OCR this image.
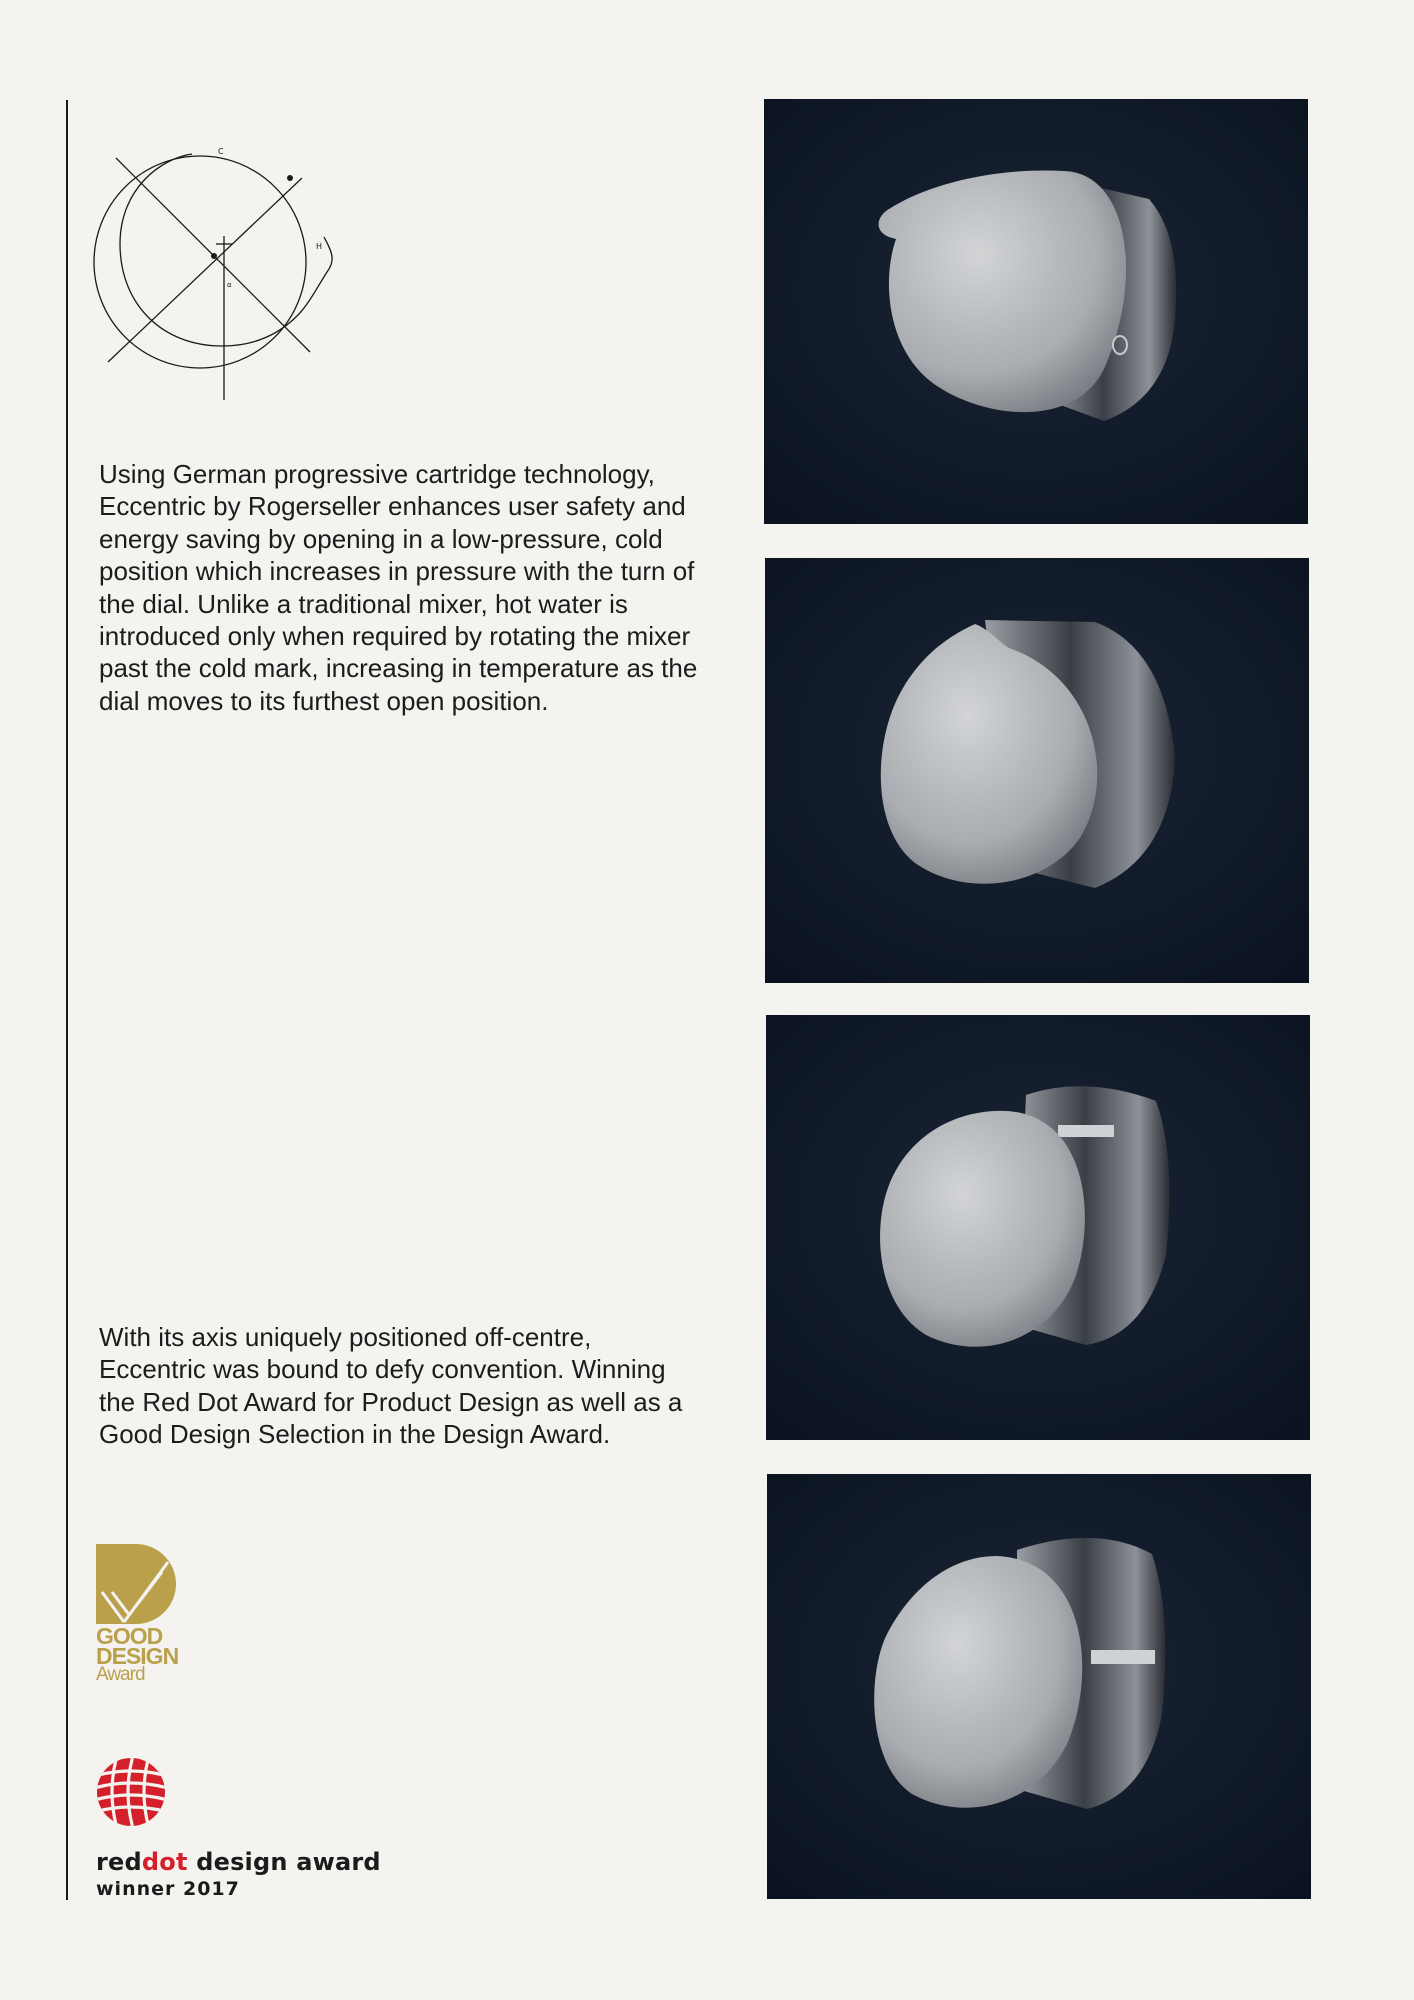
C
H
α

Using German progressive cartridge technology, Eccentric by Rogerseller enhances user safety and energy saving by opening in a low-pressure, cold position which increases in pressure with the turn of the dial. Unlike a traditional mixer, hot water is introduced only when required by rotating the mixer past the cold mark, increasing in temperature as the dial moves to its furthest open position.

With its axis uniquely positioned off-centre, Eccentric was bound to defy convention. Winning the Red Dot Award for Product Design as well as a Good Design Selection in the Design Award.

GOOD
DESIGN
Award
reddot design award
winner 2017
